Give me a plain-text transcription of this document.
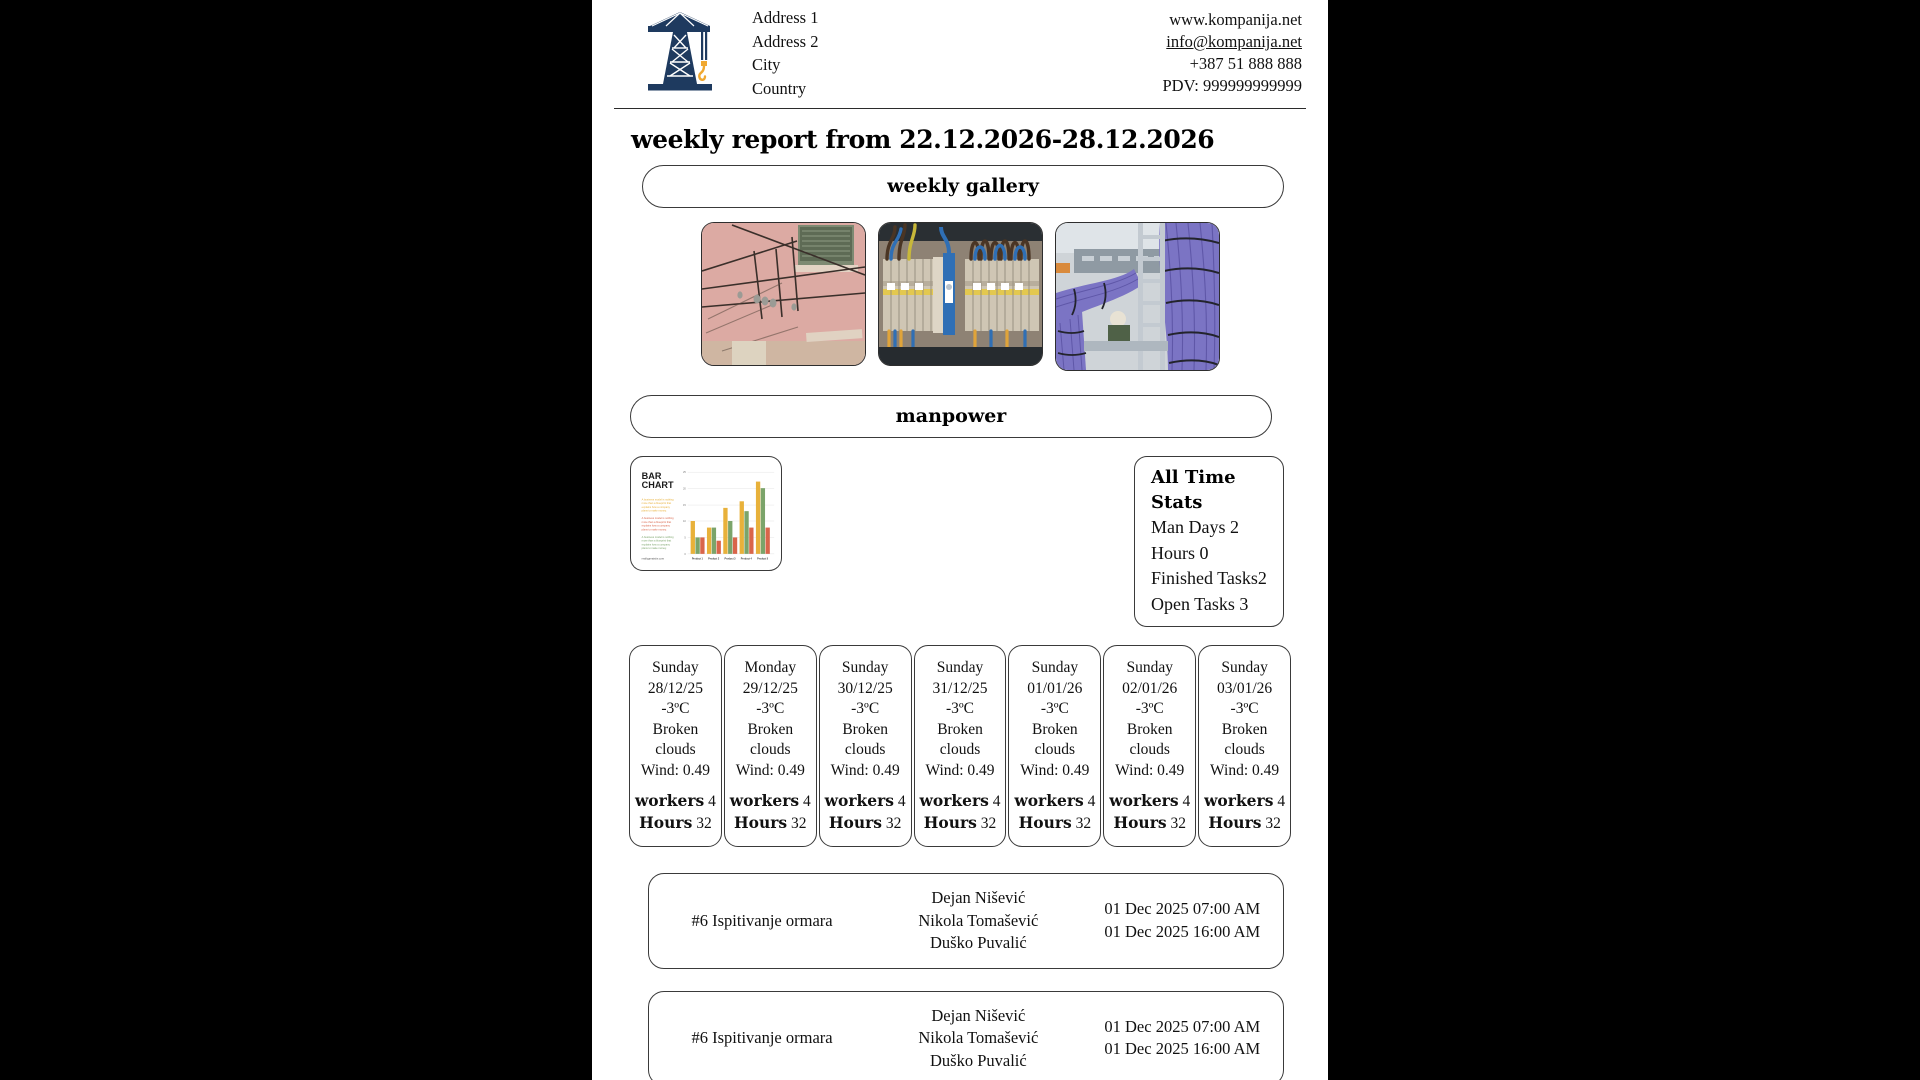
Address 1
Address 2
City
Country
www.kompanija.net
info@kompanija.net
+387 51 888 888
PDV: 999999999999
weekly report from 22.12.2026-28.12.2026
weekly gallery
manpower
BAR
CHART
A business model is nothing
more than a blueprint that
explains how a company
plans to make money.
A business model is nothing
more than a blueprint that
explains how a company
plans to make money.
A business model is nothing
more than a blueprint that
explains how a company
plans to make money.
reallygreatsite.com
0
5
10
15
20
25
Product 1 Product 2 Product 3 Product 4 Product 5
All Time Stats
Man Days 2
Hours 0
Finished Tasks2
Open Tasks 3
Sunday
28/12/25
-3ºC
Broken
clouds
Wind: 0.49
workers 4
Hours 32
Monday
29/12/25
-3ºC
Broken
clouds
Wind: 0.49
workers 4
Hours 32
Sunday
30/12/25
-3ºC
Broken
clouds
Wind: 0.49
workers 4
Hours 32
Sunday
31/12/25
-3ºC
Broken
clouds
Wind: 0.49
workers 4
Hours 32
Sunday
01/01/26
-3ºC
Broken
clouds
Wind: 0.49
workers 4
Hours 32
Sunday
02/01/26
-3ºC
Broken
clouds
Wind: 0.49
workers 4
Hours 32
Sunday
03/01/26
-3ºC
Broken
clouds
Wind: 0.49
workers 4
Hours 32
#6 Ispitivanje ormara
Dejan Nišević
Nikola Tomašević
Duško Puvalić
01 Dec 2025 07:00 AM
01 Dec 2025 16:00 AM
#6 Ispitivanje ormara
Dejan Nišević
Nikola Tomašević
Duško Puvalić
01 Dec 2025 07:00 AM
01 Dec 2025 16:00 AM
